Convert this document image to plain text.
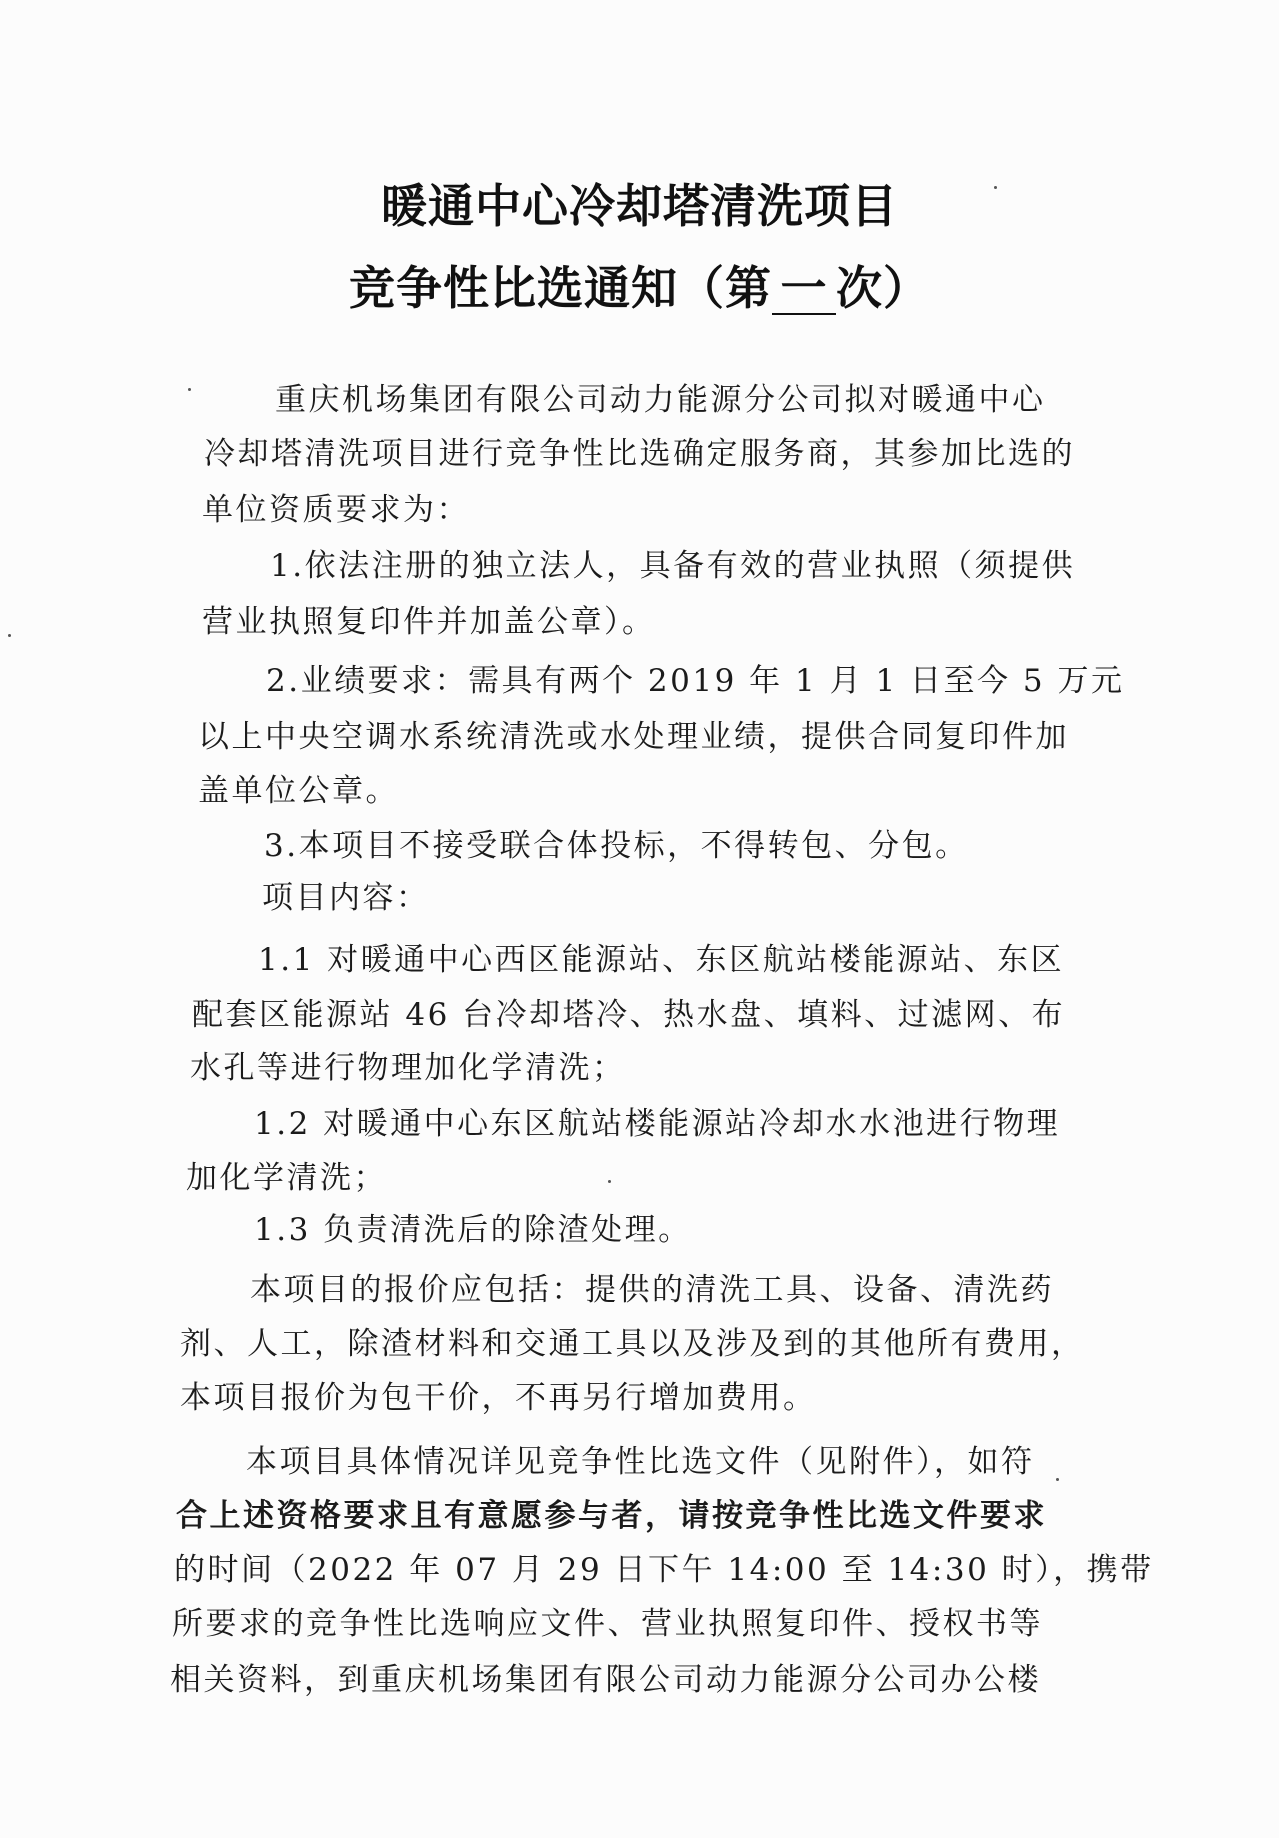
暖通中心冷却塔清洗项目
竞争性比选通知（第 一 次）
重庆机场集团有限公司动力能源分公司拟对暖通中心
冷却塔清洗项目进行竞争性比选确定服务商，其参加比选的
单位资质要求为：
1.依法注册的独立法人，具备有效的营业执照（须提供
营业执照复印件并加盖公章）。
2.业绩要求：需具有两个 2019 年 1 月 1 日至今 5 万元
以上中央空调水系统清洗或水处理业绩，提供合同复印件加
盖单位公章。
3.本项目不接受联合体投标，不得转包、分包。
项目内容：
1.1 对暖通中心西区能源站、东区航站楼能源站、东区
配套区能源站 46 台冷却塔冷、热水盘、填料、过滤网、布
水孔等进行物理加化学清洗；
1.2 对暖通中心东区航站楼能源站冷却水水池进行物理
加化学清洗；
1.3 负责清洗后的除渣处理。
本项目的报价应包括：提供的清洗工具、设备、清洗药
剂、人工，除渣材料和交通工具以及涉及到的其他所有费用，
本项目报价为包干价，不再另行增加费用。
本项目具体情况详见竞争性比选文件（见附件），如符
合上述资格要求且有意愿参与者，请按竞争性比选文件要求
的时间（2022 年 07 月 29 日下午 14:00 至 14:30 时），携带
所要求的竞争性比选响应文件、营业执照复印件、授权书等
相关资料，到重庆机场集团有限公司动力能源分公司办公楼
